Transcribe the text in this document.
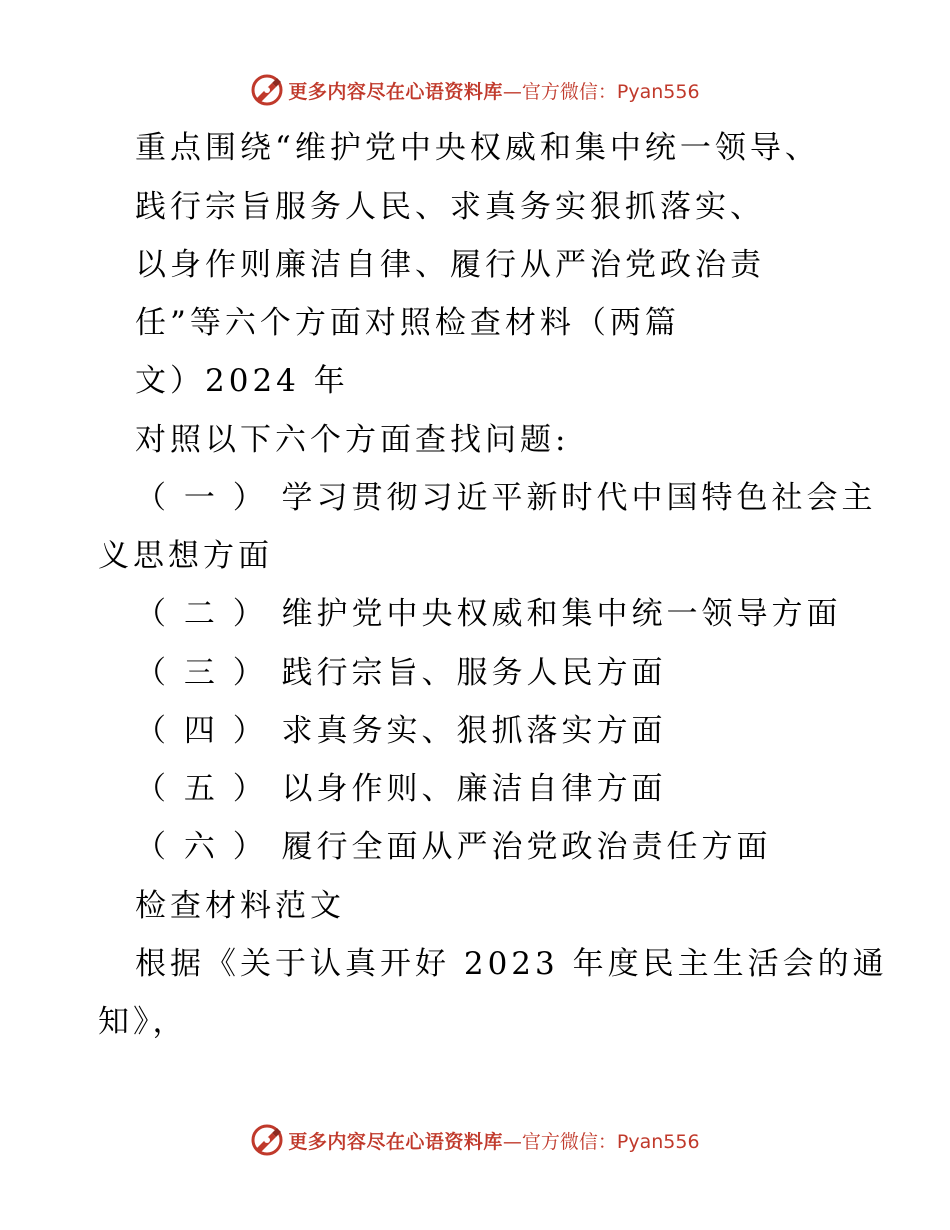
更多内容尽在心语资料库 —官方微信：Pyan556
重点围绕“维护党中央权威和集中统一领导、
践行宗旨服务人民、求真务实狠抓落实、
以身作则廉洁自律、履行从严治党政治责
任”等六个方面对照检查材料（两篇
文）2024 年
对照以下六个方面查找问题:
（ 一 ） 学习贯彻习近平新时代中国特色社会主
义思想方面
（ 二 ） 维护党中央权威和集中统一领导方面
（ 三 ） 践行宗旨、服务人民方面
（ 四 ） 求真务实、狠抓落实方面
（ 五 ） 以身作则、廉洁自律方面
（ 六 ） 履行全面从严治党政治责任方面
检查材料范文
根据《关于认真开好 2023 年度民主生活会的通
知》，
更多内容尽在心语资料库 —官方微信：Pyan556
